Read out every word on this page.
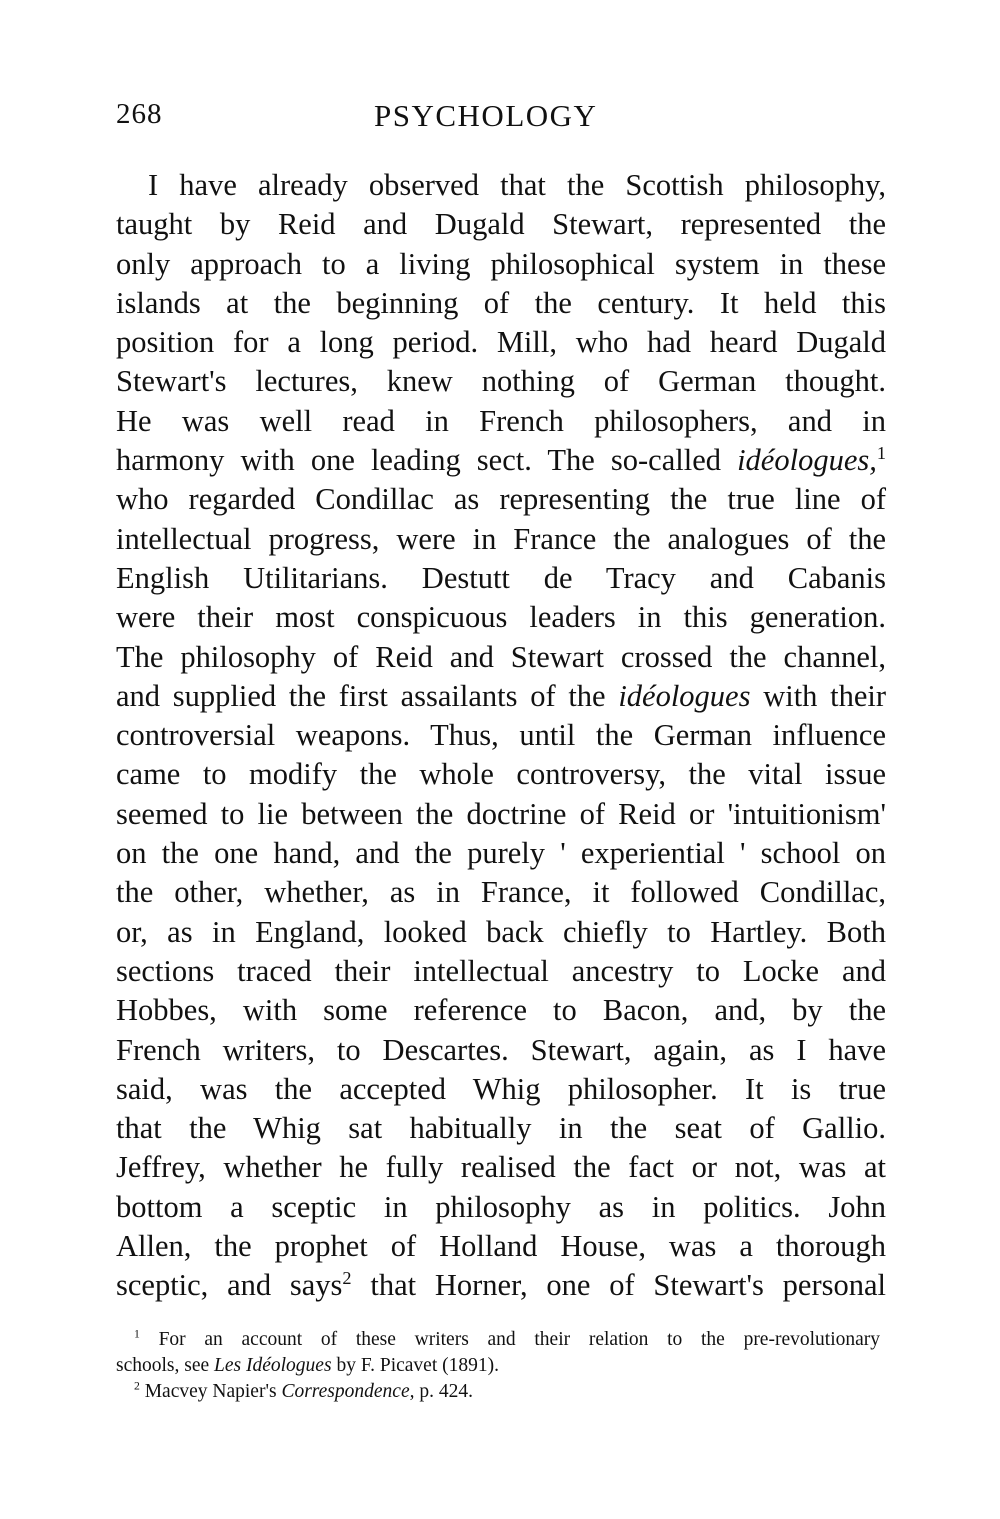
268	PSYCHOLOGY
I have already observed that the Scottish philosophy,
taught by Reid and Dugald Stewart, represented the
only approach to a living philosophical system in these
islands at the beginning of the century. It held this
position for a long period. Mill, who had heard Dugald
Stewart's lectures, knew nothing of German thought.
He was well read in French philosophers, and in
harmony with one leading sect. The so-called idéologues,$^1$
who regarded Condillac as representing the true line of
intellectual progress, were in France the analogues of the
English Utilitarians. Destutt de Tracy and Cabanis
were their most conspicuous leaders in this generation.
The philosophy of Reid and Stewart crossed the channel,
and supplied the first assailants of the idéologues with their
controversial weapons. Thus, until the German influence
came to modify the whole controversy, the vital issue
seemed to lie between the doctrine of Reid or 'intuitionism'
on the one hand, and the purely ' experiential ' school on
the other, whether, as in France, it followed Condillac,
or, as in England, looked back chiefly to Hartley. Both
sections traced their intellectual ancestry to Locke and
Hobbes, with some reference to Bacon, and, by the
French writers, to Descartes. Stewart, again, as I have
said, was the accepted Whig philosopher. It is true
that the Whig sat habitually in the seat of Gallio.
Jeffrey, whether he fully realised the fact or not, was at
bottom a sceptic in philosophy as in politics. John
Allen, the prophet of Holland House, was a thorough
sceptic, and says$^2$ that Horner, one of Stewart's personal
$^1$ For an account of these writers and their relation to the pre-revolutionary
schools, see Les Idéologues by F. Picavet (1891).
$^2$ Macvey Napier's Correspondence, p. 424.
